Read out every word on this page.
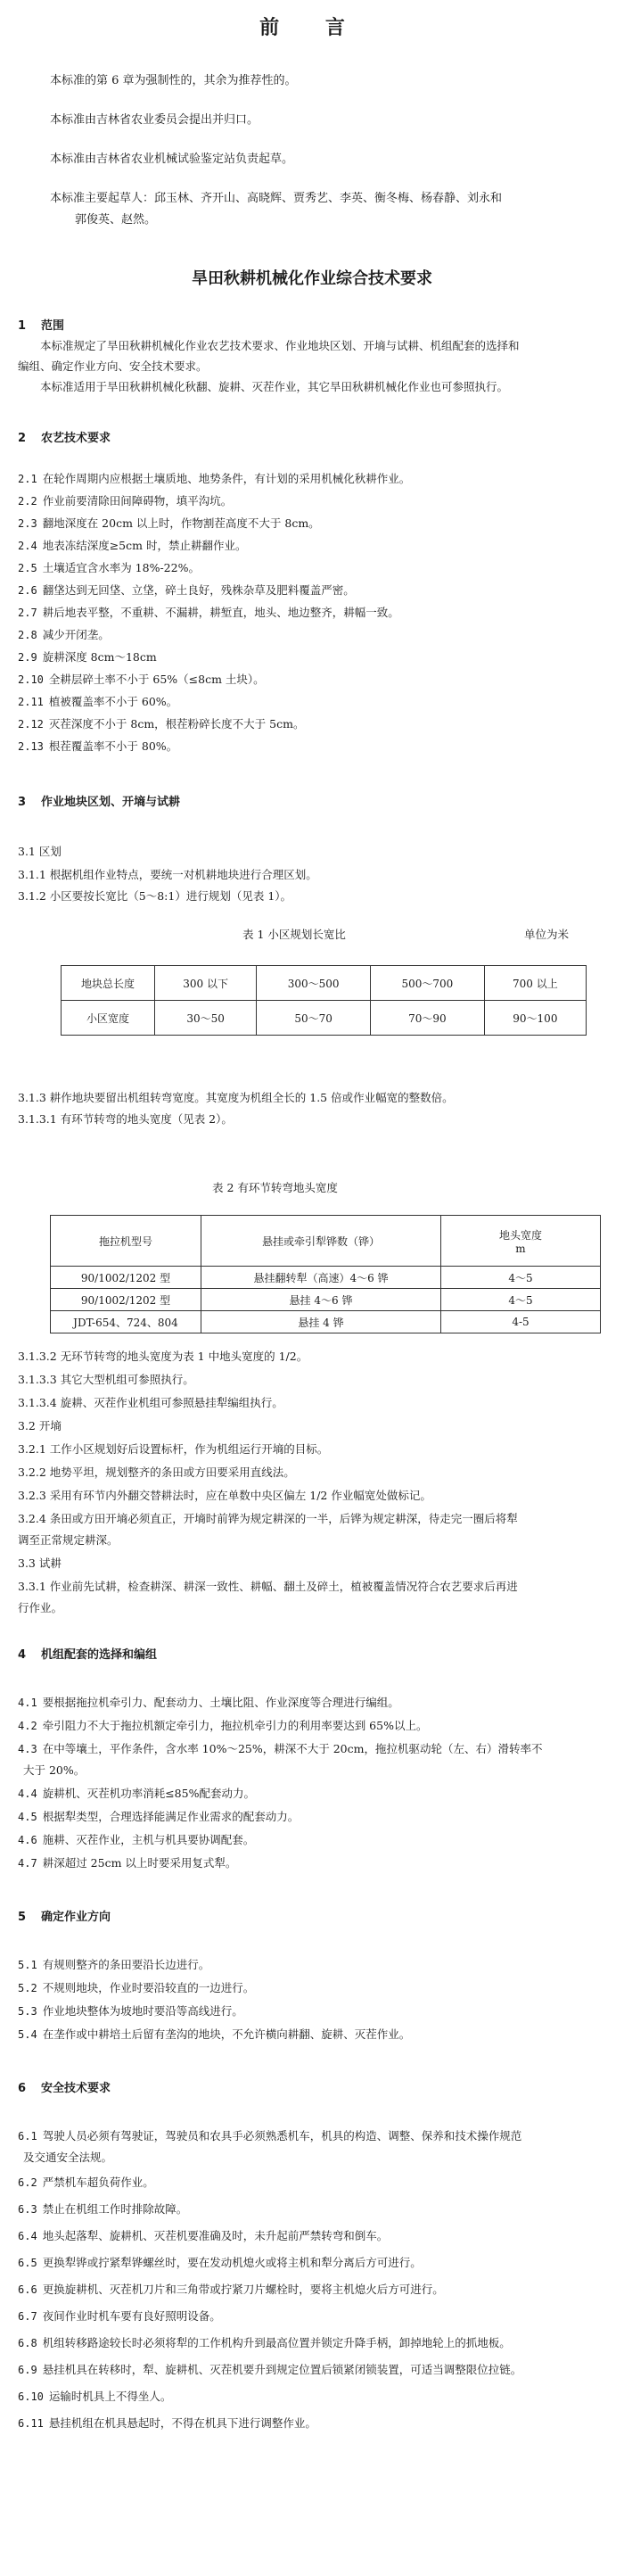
前 言
本标准的第 6 章为强制性的，其余为推荐性的。
本标准由吉林省农业委员会提出并归口。
本标准由吉林省农业机械试验鉴定站负责起草。
本标准主要起草人：邱玉林、齐开山、高晓辉、贾秀艺、李英、衡冬梅、杨春静、刘永和
郭俊英、赵然。
旱田秋耕机械化作业综合技术要求
1 范围
本标准规定了旱田秋耕机械化作业农艺技术要求、作业地块区划、开墒与试耕、机组配套的选择和
编组、确定作业方向、安全技术要求。
本标准适用于旱田秋耕机械化秋翻、旋耕、灭茬作业，其它旱田秋耕机械化作业也可参照执行。
2 农艺技术要求
2.1 在轮作周期内应根据土壤质地、地势条件，有计划的采用机械化秋耕作业。
2.2 作业前要清除田间障碍物，填平沟坑。
2.3 翻地深度在 20cm 以上时，作物割茬高度不大于 8cm。
2.4 地表冻结深度≥5cm 时，禁止耕翻作业。
2.5 土壤适宜含水率为 18%-22%。
2.6 翻垡达到无回垡、立垡，碎土良好，残株杂草及肥料覆盖严密。
2.7 耕后地表平整，不重耕、不漏耕，耕堑直，地头、地边整齐，耕幅一致。
2.8 减少开闭垄。
2.9 旋耕深度 8cm～18cm
2.10 全耕层碎土率不小于 65%（≤8cm 土块）。
2.11 植被覆盖率不小于 60%。
2.12 灭茬深度不小于 8cm，根茬粉碎长度不大于 5cm。
2.13 根茬覆盖率不小于 80%。
3 作业地块区划、开墒与试耕
3.1 区划
3.1.1 根据机组作业特点，要统一对机耕地块进行合理区划。
3.1.2 小区要按长宽比（5～8:1）进行规划（见表 1）。
表 1 小区规划长宽比	单位为米
地块总长度	300 以下	300～500	500～700	700 以上
小区宽度	30～50	50～70	70～90	90～100
3.1.3 耕作地块要留出机组转弯宽度。其宽度为机组全长的 1.5 倍或作业幅宽的整数倍。
3.1.3.1 有环节转弯的地头宽度（见表 2）。
表 2 有环节转弯地头宽度
拖拉机型号	悬挂或牵引犁铧数（铧）	地头宽度
m
90/1002/1202 型	悬挂翻转犁（高速）4～6 铧	4～5
90/1002/1202 型	悬挂 4～6 铧	4～5
JDT-654、724、804	悬挂 4 铧	4-5
3.1.3.2 无环节转弯的地头宽度为表 1 中地头宽度的 1/2。
3.1.3.3 其它大型机组可参照执行。
3.1.3.4 旋耕、灭茬作业机组可参照悬挂犁编组执行。
3.2 开墒
3.2.1 工作小区规划好后设置标杆，作为机组运行开墒的目标。
3.2.2 地势平坦，规划整齐的条田或方田要采用直线法。
3.2.3 采用有环节内外翻交替耕法时，应在单数中央区偏左 1/2 作业幅宽处做标记。
3.2.4 条田或方田开墒必须直正，开墒时前铧为规定耕深的一半，后铧为规定耕深，待走完一圈后将犁
调至正常规定耕深。
3.3 试耕
3.3.1 作业前先试耕，检查耕深、耕深一致性、耕幅、翻土及碎土，植被覆盖情况符合农艺要求后再进
行作业。
4 机组配套的选择和编组
4.1 要根据拖拉机牵引力、配套动力、土壤比阻、作业深度等合理进行编组。
4.2 牵引阻力不大于拖拉机额定牵引力，拖拉机牵引力的利用率要达到 65%以上。
4.3 在中等壤土，平作条件，含水率 10%～25%，耕深不大于 20cm，拖拉机驱动轮（左、右）滑转率不
大于 20%。
4.4 旋耕机、灭茬机功率消耗≤85%配套动力。
4.5 根据犁类型，合理选择能满足作业需求的配套动力。
4.6 施耕、灭茬作业，主机与机具要协调配套。
4.7 耕深超过 25cm 以上时要采用复式犁。
5 确定作业方向
5.1 有规则整齐的条田要沿长边进行。
5.2 不规则地块，作业时要沿较直的一边进行。
5.3 作业地块整体为坡地时要沿等高线进行。
5.4 在垄作或中耕培土后留有垄沟的地块，不允许横向耕翻、旋耕、灭茬作业。
6 安全技术要求
6.1 驾驶人员必须有驾驶证，驾驶员和农具手必须熟悉机车，机具的构造、调整、保养和技术操作规范
及交通安全法规。
6.2 严禁机车超负荷作业。
6.3 禁止在机组工作时排除故障。
6.4 地头起落犁、旋耕机、灭茬机要准确及时，未升起前严禁转弯和倒车。
6.5 更换犁铧或拧紧犁铧螺丝时，要在发动机熄火或将主机和犁分离后方可进行。
6.6 更换旋耕机、灭茬机刀片和三角带或拧紧刀片螺栓时，要将主机熄火后方可进行。
6.7 夜间作业时机车要有良好照明设备。
6.8 机组转移路途较长时必须将犁的工作机构升到最高位置并锁定升降手柄，卸掉地轮上的抓地板。
6.9 悬挂机具在转移时，犁、旋耕机、灭茬机要升到规定位置后锁紧闭锁装置，可适当调整限位拉链。
6.10 运输时机具上不得坐人。
6.11 悬挂机组在机具悬起时，不得在机具下进行调整作业。
